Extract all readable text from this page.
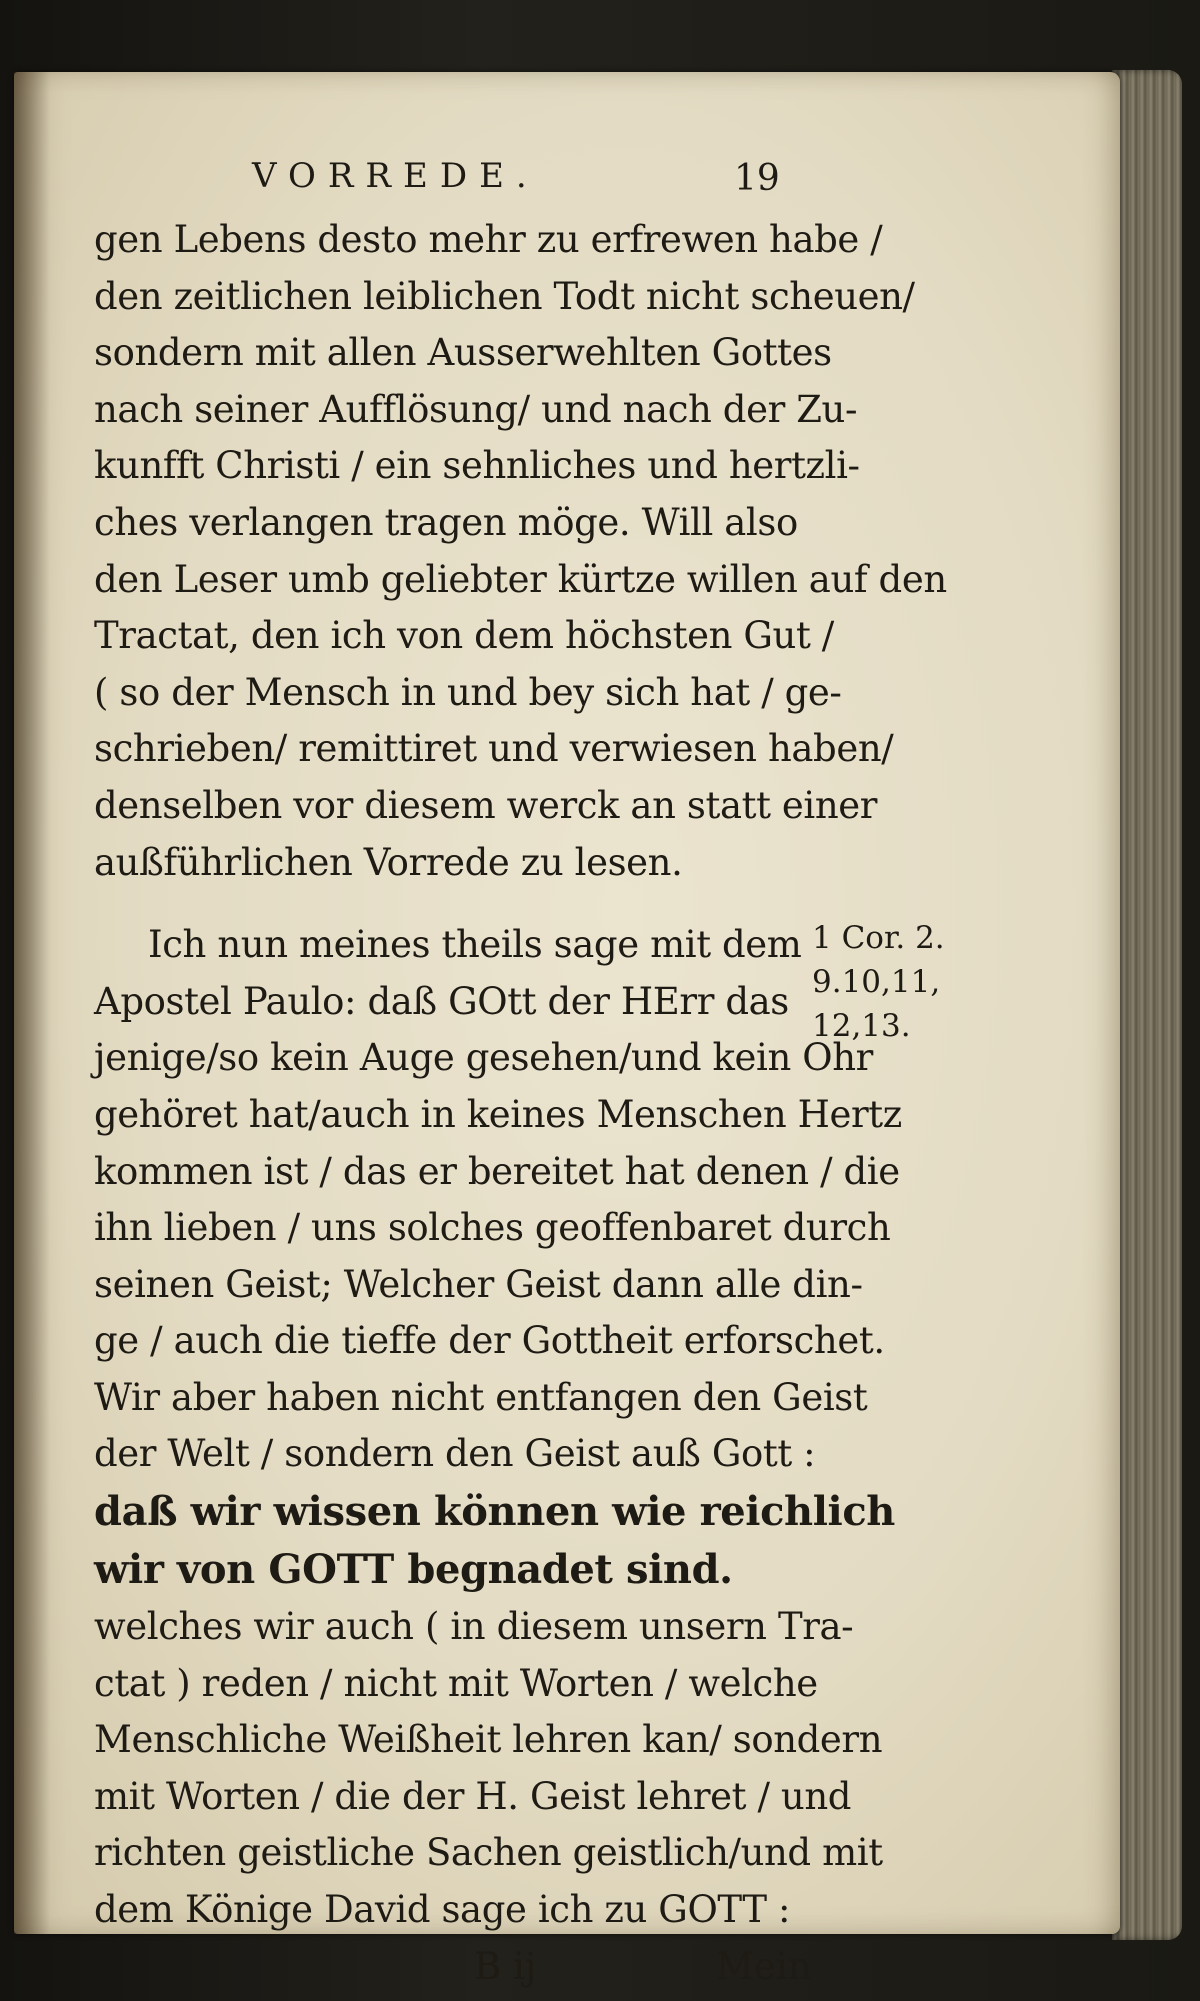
VORREDE.	19
gen Lebens desto mehr zu erfrewen habe /
den zeitlichen leiblichen Todt nicht scheuen/
sondern mit allen Ausserwehlten Gottes
nach seiner Aufflösung/ und nach der Zu-
kunfft Christi / ein sehnliches und hertzli-
ches verlangen tragen möge. Will also
den Leser umb geliebter kürtze willen auf den
Tractat, den ich von dem höchsten Gut /
( so der Mensch in und bey sich hat / ge-
schrieben/ remittiret und verwiesen haben/
denselben vor diesem werck an statt einer
außführlichen Vorrede zu lesen.
Ich nun meines theils sage mit dem
Apostel Paulo: daß GOtt der HErr das
jenige/so kein Auge gesehen/und kein Ohr
gehöret hat/auch in keines Menschen Hertz
kommen ist / das er bereitet hat denen / die
ihn lieben / uns solches geoffenbaret durch
seinen Geist; Welcher Geist dann alle din-
ge / auch die tieffe der Gottheit erforschet.
Wir aber haben nicht entfangen den Geist
der Welt / sondern den Geist auß Gott :
daß wir wissen können wie reichlich
wir von GOTT begnadet sind.
welches wir auch ( in diesem unsern Tra-
ctat ) reden / nicht mit Worten / welche
Menschliche Weißheit lehren kan/ sondern
mit Worten / die der H. Geist lehret / und
richten geistliche Sachen geistlich/und mit
dem Könige David sage ich zu GOTT :
B ij	Mein
1 Cor. 2.
9.10,11,
12,13.
